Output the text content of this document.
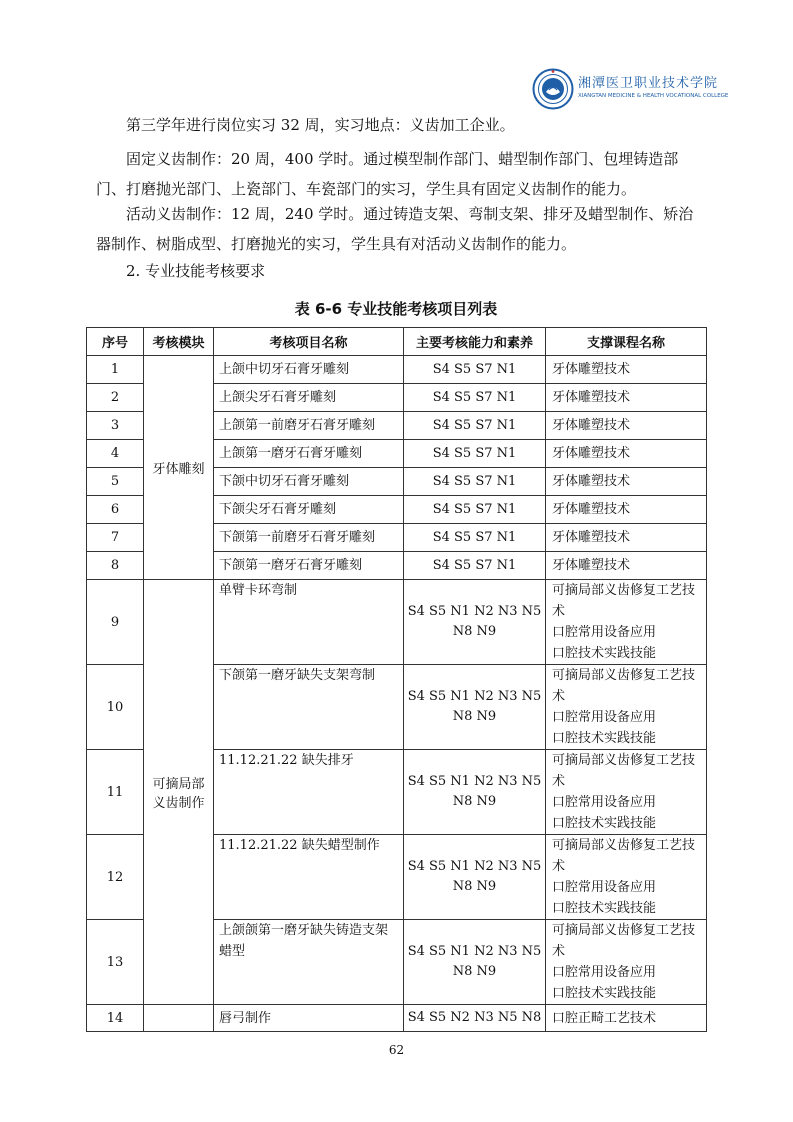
湘潭医卫职业技术学院
XIANGTAN MEDICINE & HEALTH VOCATIONAL COLLEGE
第三学年进行岗位实习 32 周，实习地点：义齿加工企业。
固定义齿制作：20 周，400 学时。通过模型制作部门、蜡型制作部门、包埋铸造部门、打磨抛光部门、上瓷部门、车瓷部门的实习，学生具有固定义齿制作的能力。
活动义齿制作：12 周，240 学时。通过铸造支架、弯制支架、排牙及蜡型制作、矫治器制作、树脂成型、打磨抛光的实习，学生具有对活动义齿制作的能力。
2. 专业技能考核要求
表 6-6 专业技能考核项目列表
序号	考核模块	考核项目名称	主要考核能力和素养	支撑课程名称
1	牙体雕刻	上颌中切牙石膏牙雕刻	S4 S5 S7 N1	牙体雕塑技术
2		上颌尖牙石膏牙雕刻	S4 S5 S7 N1	牙体雕塑技术
3		上颌第一前磨牙石膏牙雕刻	S4 S5 S7 N1	牙体雕塑技术
4		上颌第一磨牙石膏牙雕刻	S4 S5 S7 N1	牙体雕塑技术
5		下颌中切牙石膏牙雕刻	S4 S5 S7 N1	牙体雕塑技术
6		下颌尖牙石膏牙雕刻	S4 S5 S7 N1	牙体雕塑技术
7		下颌第一前磨牙石膏牙雕刻	S4 S5 S7 N1	牙体雕塑技术
8		下颌第一磨牙石膏牙雕刻	S4 S5 S7 N1	牙体雕塑技术
9	可摘局部义齿制作	单臂卡环弯制	S4 S5 N1 N2 N3 N5 N8 N9	可摘局部义齿修复工艺技术
口腔常用设备应用
口腔技术实践技能
10		下颌第一磨牙缺失支架弯制	S4 S5 N1 N2 N3 N5 N8 N9	可摘局部义齿修复工艺技术
口腔常用设备应用
口腔技术实践技能
11		11.12.21.22 缺失排牙	S4 S5 N1 N2 N3 N5 N8 N9	可摘局部义齿修复工艺技术
口腔常用设备应用
口腔技术实践技能
12		11.12.21.22 缺失蜡型制作	S4 S5 N1 N2 N3 N5 N8 N9	可摘局部义齿修复工艺技术
口腔常用设备应用
口腔技术实践技能
13		上颌颌第一磨牙缺失铸造支架蜡型	S4 S5 N1 N2 N3 N5 N8 N9	可摘局部义齿修复工艺技术
口腔常用设备应用
口腔技术实践技能
14		唇弓制作	S4 S5 N2 N3 N5 N8	口腔正畸工艺技术
62
